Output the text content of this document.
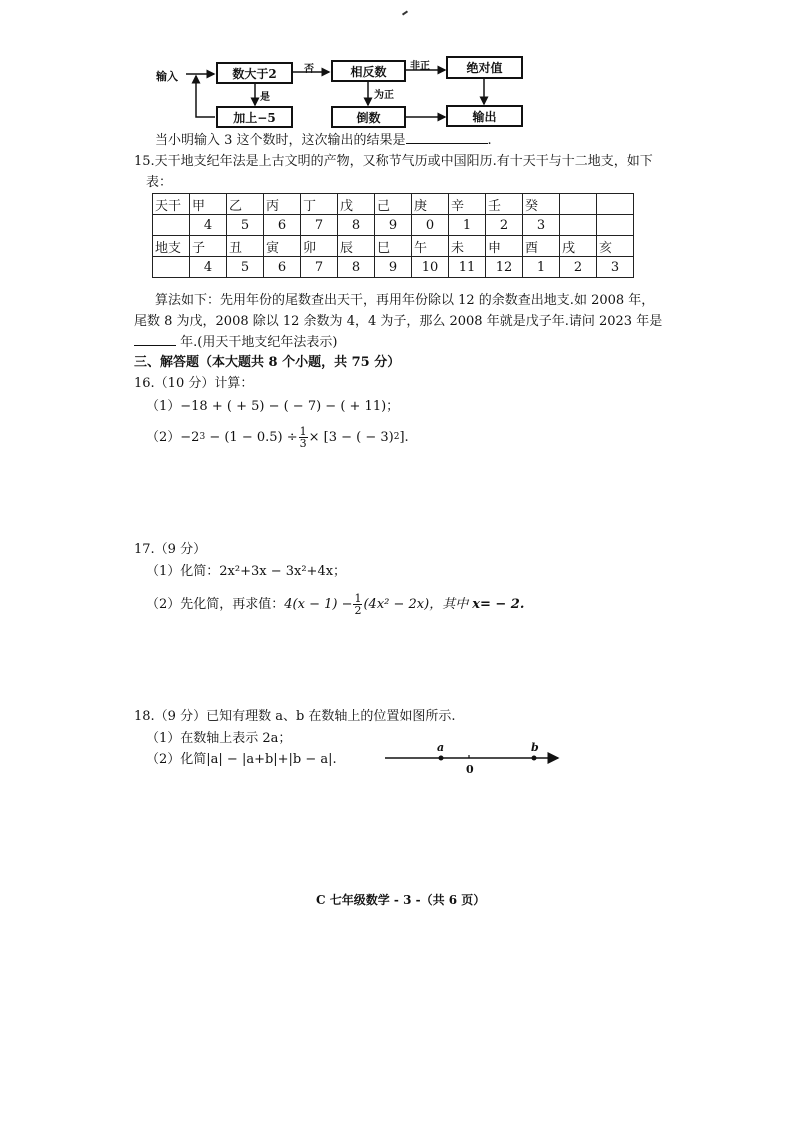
输入	数大于2
加上−5
相反数
倒数
绝对值
输出
否
是
非正
为正
当小明输入 3 这个数时，这次输出的结果是	.
15.天干地支纪年法是上古文明的产物，又称节气历或中国阳历.有十天干与十二地支，如下
表：
天干	甲	乙	丙	丁	戊	己	庚	辛	壬	癸		
	4	5	6	7	8	9	0	1	2	3		
地支	子	丑	寅	卯	辰	巳	午	未	申	酉	戌	亥
	4	5	6	7	8	9	10	11	12	1	2	3
算法如下：先用年份的尾数查出天干，再用年份除以 12 的余数查出地支.如 2008 年，
尾数 8 为戊，2008 除以 12 余数为 4，4 为子，那么 2008 年就是戊子年.请问 2023 年是
年.(用天干地支纪年法表示)
三、解答题（本大题共 8 个小题，共 75 分）
16.（10 分）计算：
（1）−18 + ( + 5) − ( − 7) − ( + 11)；
（2） −2 $3 - (1 - 0.5) \div \frac{1}{3} \times [3$ − ( − 3) 2 ].
17.（9 分）
（1）化简：2x²+3x − 3x²+4x；
（2）先化简，再求值： $4(x - 1) - \frac{1}{2} (4x^2 - 2x)$，其中 x= − 2.
18.（9 分）已知有理数 a、b 在数轴上的位置如图所示.
（1）在数轴上表示 2a；
（2）化简|a| − |a+b|+|b − a|.
a
0
b
C 七年级数学 - 3 -（共 6 页）
